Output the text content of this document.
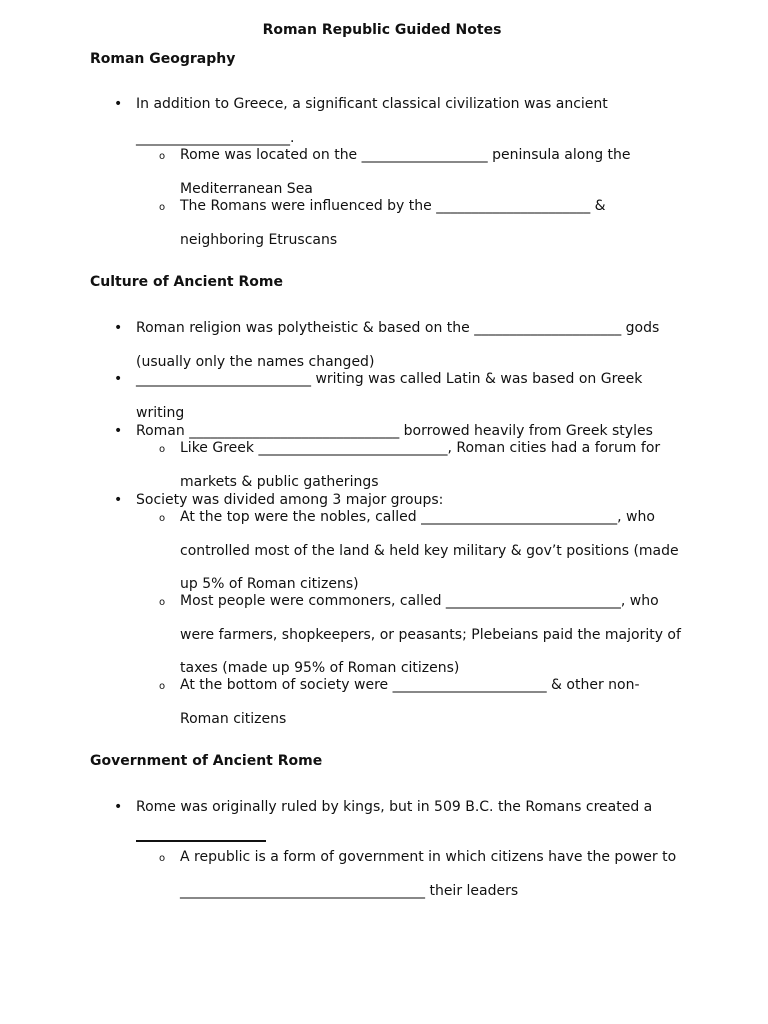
Roman Republic Guided Notes
Roman Geography
• In addition to Greece, a significant classical civilization was ancient
______________________.
o Rome was located on the __________________ peninsula along the
Mediterranean Sea
o The Romans were influenced by the ______________________ &
neighboring Etruscans
Culture of Ancient Rome
• Roman religion was polytheistic & based on the _____________________ gods
(usually only the names changed)
• _________________________ writing was called Latin & was based on Greek
writing
• Roman ______________________________ borrowed heavily from Greek styles
o Like Greek ___________________________, Roman cities had a forum for
markets & public gatherings
• Society was divided among 3 major groups:
o At the top were the nobles, called ____________________________, who
controlled most of the land & held key military & gov’t positions (made
up 5% of Roman citizens)
o Most people were commoners, called _________________________, who
were farmers, shopkeepers, or peasants; Plebeians paid the majority of
taxes (made up 95% of Roman citizens)
o At the bottom of society were ______________________ & other non-
Roman citizens
Government of Ancient Rome
• Rome was originally ruled by kings, but in 509 B.C. the Romans created a
o A republic is a form of government in which citizens have the power to
___________________________________ their leaders
